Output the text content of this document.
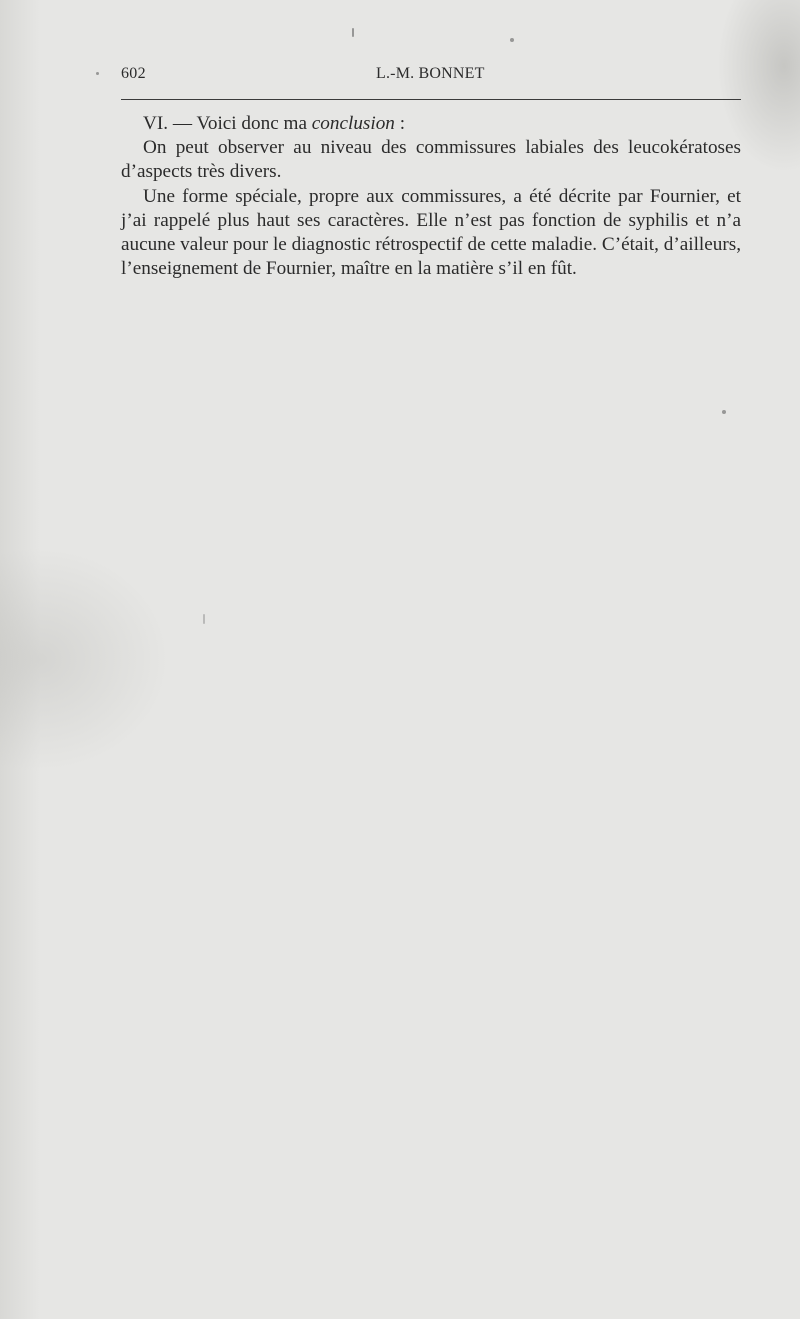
602	L.-M. BONNET

VI. — Voici donc ma conclusion :

On peut observer au niveau des commissures labiales des leucokératoses d’aspects très divers.

Une forme spéciale, propre aux commissures, a été décrite par Fournier, et j’ai rappelé plus haut ses caractères. Elle n’est pas fonction de syphilis et n’a aucune valeur pour le diagnostic rétrospectif de cette maladie. C’était, d’ailleurs, l’enseignement de Fournier, maître en la matière s’il en fût.
